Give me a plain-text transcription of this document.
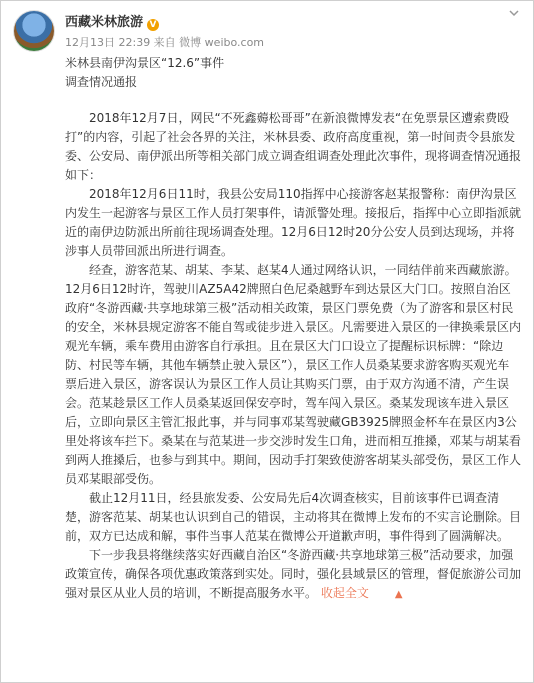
西藏米林旅游 V
12月13日 22:39 来自 微博 weibo.com

米林县南伊沟景区“12.6”事件

调查情况通报

2018年12月7日，网民“不死鑫薅松哥哥”在新浪微博发表“在免票景区遭索费殴打”的内容，引起了社会各界的关注，米林县委、政府高度重视，第一时间责令县旅发委、公安局、南伊派出所等相关部门成立调查组调查处理此次事件，现将调查情况通报如下：

2018年12月6日11时，我县公安局110指挥中心接游客赵某报警称：南伊沟景区内发生一起游客与景区工作人员打架事件，请派警处理。接报后，指挥中心立即指派就近的南伊边防派出所前往现场调查处理。12月6日12时20分公安人员到达现场，并将涉事人员带回派出所进行调查。

经查，游客范某、胡某、李某、赵某4人通过网络认识，一同结伴前来西藏旅游。12月6日12时许，驾驶川AZ5A42牌照白色尼桑越野车到达景区大门口。按照自治区政府“冬游西藏·共享地球第三极”活动相关政策，景区门票免费（为了游客和景区村民的安全，米林县规定游客不能自驾或徒步进入景区。凡需要进入景区的一律换乘景区内观光车辆，乘车费用由游客自行承担。且在景区大门口设立了提醒标识标牌：“除边防、村民等车辆，其他车辆禁止驶入景区”），景区工作人员桑某要求游客购买观光车票后进入景区，游客误认为景区工作人员让其购买门票，由于双方沟通不清，产生误会。范某趁景区工作人员桑某返回保安亭时，驾车闯入景区。桑某发现该车进入景区后，立即向景区主管汇报此事，并与同事邓某驾驶藏GB3925牌照金杯车在景区内3公里处将该车拦下。桑某在与范某进一步交涉时发生口角，进而相互推搡，邓某与胡某看到两人推搡后，也参与到其中。期间，因动手打架致使游客胡某头部受伤，景区工作人员邓某眼部受伤。

截止12月11日，经县旅发委、公安局先后4次调查核实，目前该事件已调查清楚，游客范某、胡某也认识到自己的错误，主动将其在微博上发布的不实言论删除。目前，双方已达成和解，事件当事人范某在微博公开道歉声明，事件得到了圆满解决。

下一步我县将继续落实好西藏自治区“冬游西藏·共享地球第三极”活动要求，加强政策宣传，确保各项优惠政策落到实处。同时，强化县域景区的管理，督促旅游公司加强对景区从业人员的培训，不断提高服务水平。 收起全文	▲
